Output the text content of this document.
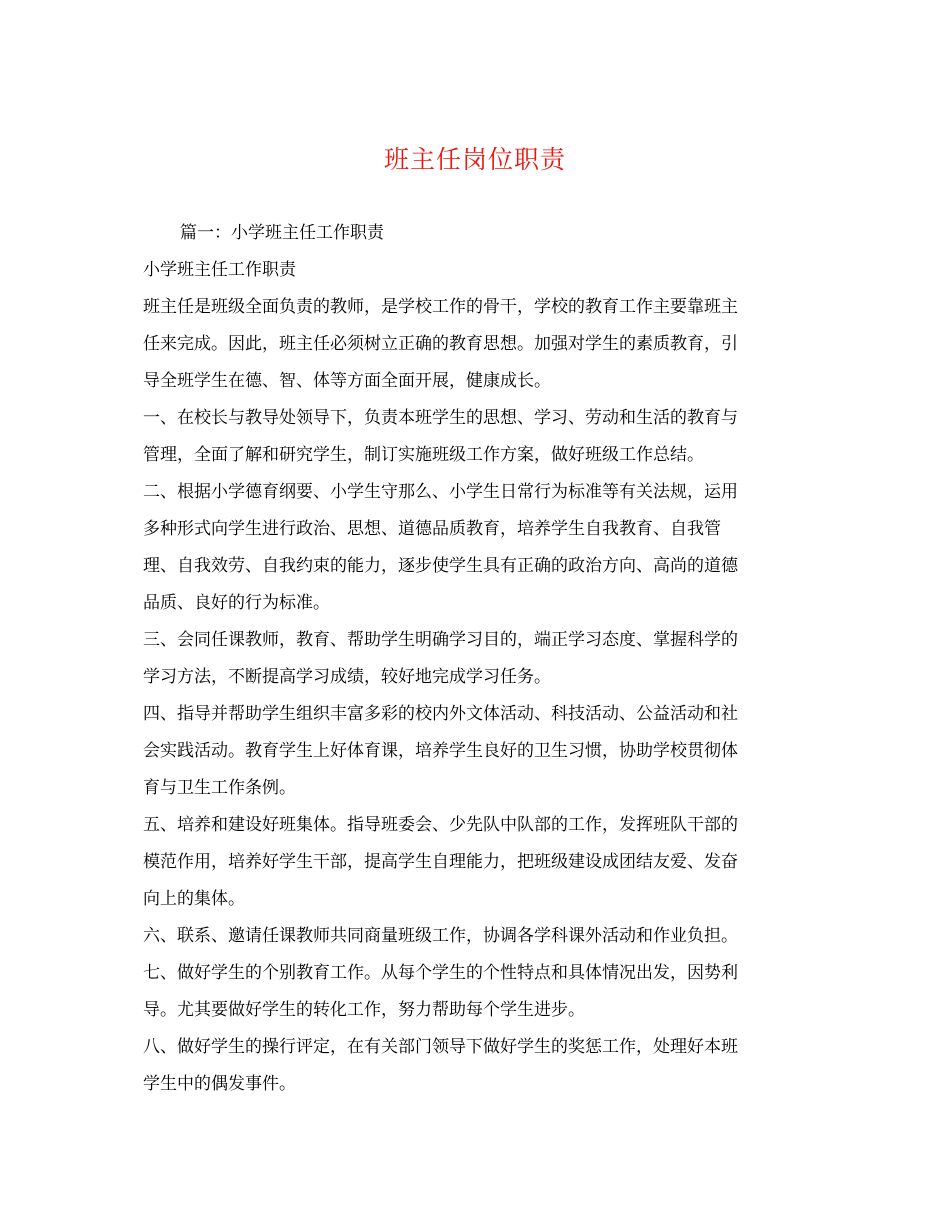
班主任岗位职责
篇一：小学班主任工作职责
小学班主任工作职责
班主任是班级全面负责的教师，是学校工作的骨干，学校的教育工作主要靠班主
任来完成。因此，班主任必须树立正确的教育思想。加强对学生的素质教育，引
导全班学生在德、智、体等方面全面开展，健康成长。
一、在校长与教导处领导下，负责本班学生的思想、学习、劳动和生活的教育与
管理，全面了解和研究学生，制订实施班级工作方案，做好班级工作总结。
二、根据小学德育纲要、小学生守那么、小学生日常行为标准等有关法规，运用
多种形式向学生进行政治、思想、道德品质教育，培养学生自我教育、自我管
理、自我效劳、自我约束的能力，逐步使学生具有正确的政治方向、高尚的道德
品质、良好的行为标准。
三、会同任课教师，教育、帮助学生明确学习目的，端正学习态度、掌握科学的
学习方法，不断提高学习成绩，较好地完成学习任务。
四、指导并帮助学生组织丰富多彩的校内外文体活动、科技活动、公益活动和社
会实践活动。教育学生上好体育课，培养学生良好的卫生习惯，协助学校贯彻体
育与卫生工作条例。
五、培养和建设好班集体。指导班委会、少先队中队部的工作，发挥班队干部的
模范作用，培养好学生干部，提高学生自理能力，把班级建设成团结友爱、发奋
向上的集体。
六、联系、邀请任课教师共同商量班级工作，协调各学科课外活动和作业负担。
七、做好学生的个别教育工作。从每个学生的个性特点和具体情况出发，因势利
导。尤其要做好学生的转化工作，努力帮助每个学生进步。
八、做好学生的操行评定，在有关部门领导下做好学生的奖惩工作，处理好本班
学生中的偶发事件。
